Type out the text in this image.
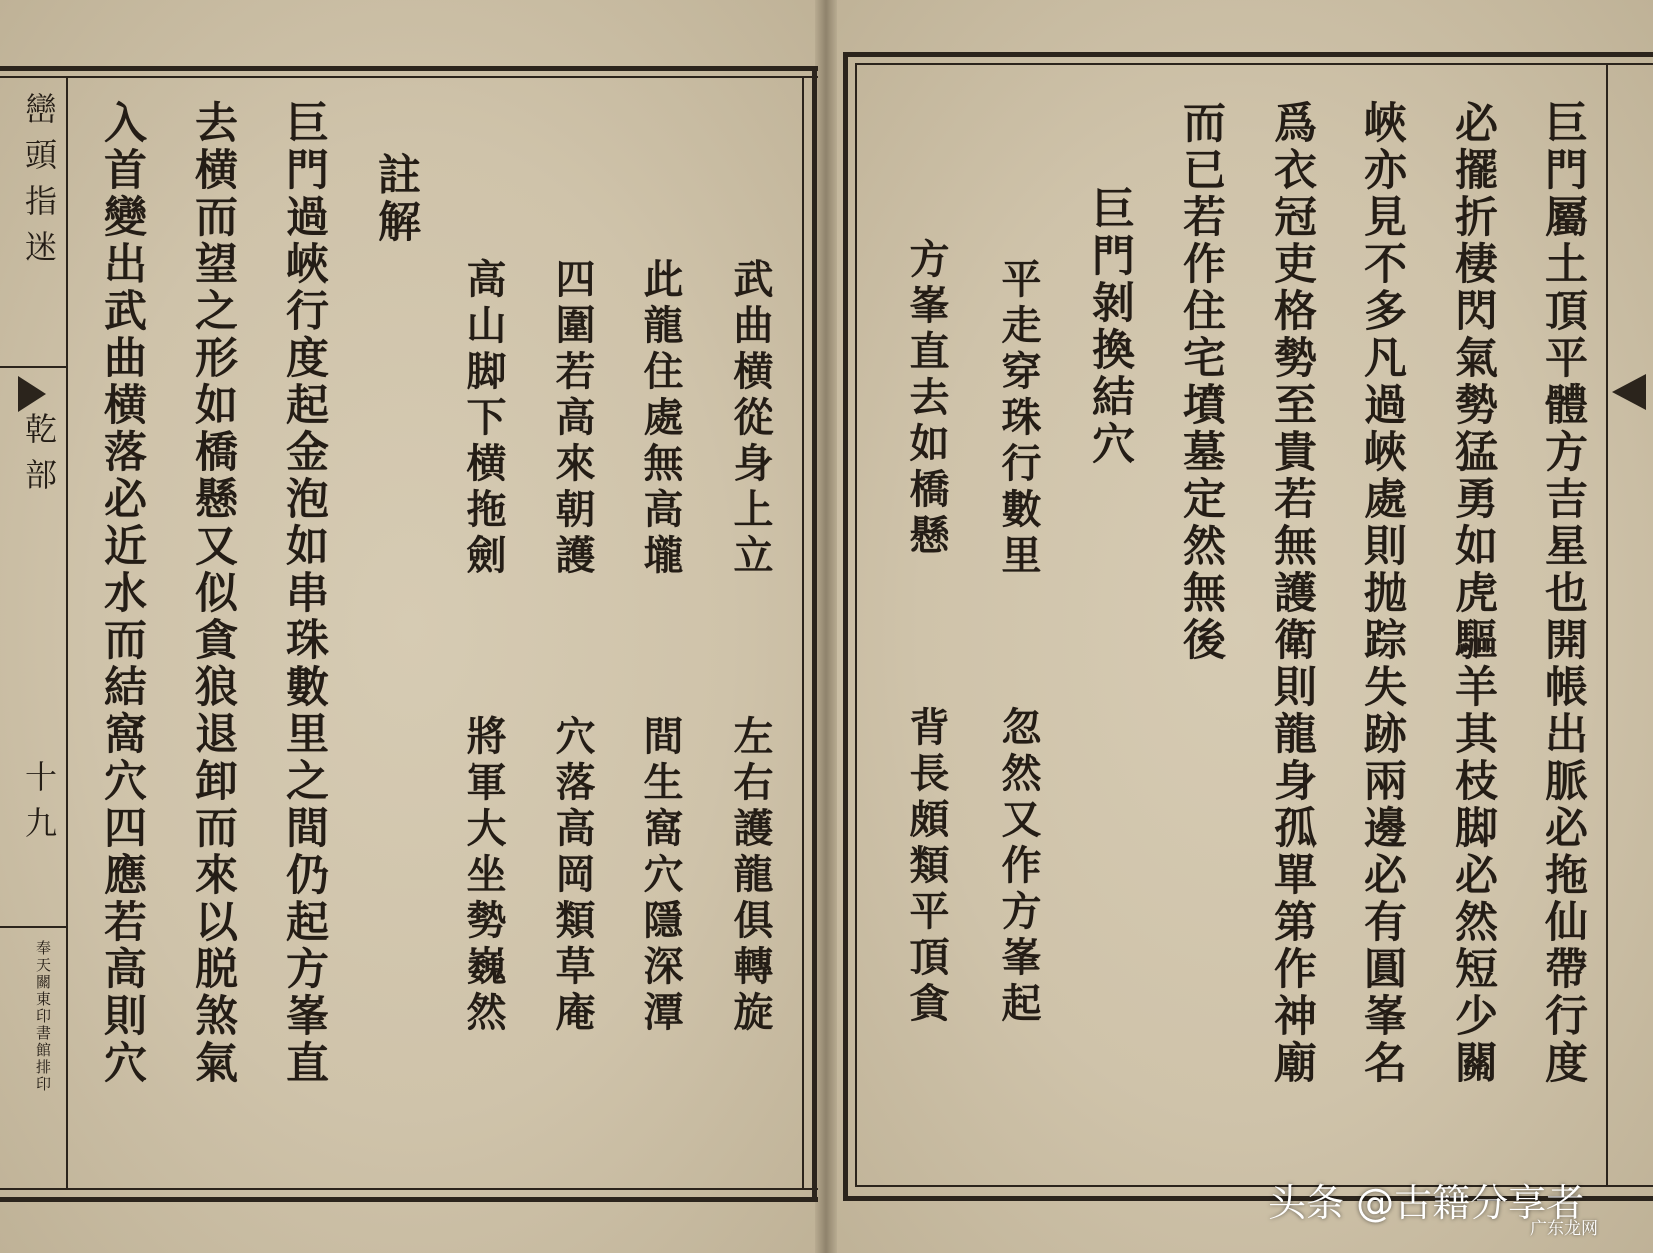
巒頭指迷
乾部
十九
奉天關東印書館排印
武曲横從身上立
左右護龍俱轉旋
此龍住處無高壠
間生窩穴隱深潭
四圍若高來朝護
穴落高岡類草庵
高山脚下横拖劍
將軍大坐勢巍然
註解
巨門過峽行度起金泡如串珠數里之間仍起方峯直
去横而望之形如橋懸又似貪狼退卸而來以脱煞氣
入首變出武曲横落必近水而結窩穴四應若高則穴	巨門屬土頂平體方吉星也開帳出脈必拖仙帶行度
必擺折棲閃氣勢猛勇如虎驅羊其枝脚必然短少關
峽亦見不多凡過峽處則抛踪失跡兩邊必有圓峯名
爲衣冠吏格勢至貴若無護衛則龍身孤單第作神廟
而已若作住宅墳墓定然無後
巨門剝換結穴
平走穿珠行數里
忽然又作方峯起
方峯直去如橋懸
背長頗類平頂貪
头条 @古籍分享者
广东龙网
